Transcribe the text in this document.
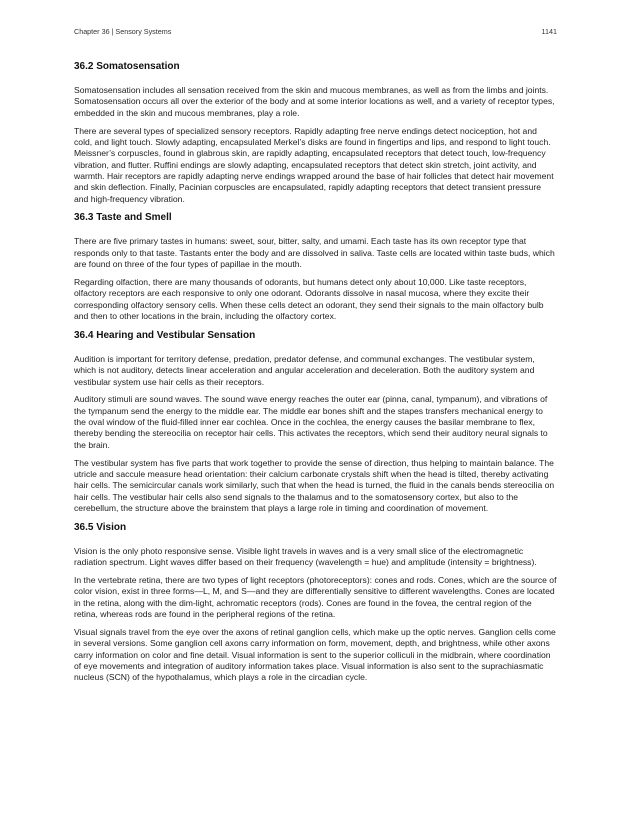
Chapter 36 | Sensory Systems	1141
36.2 Somatosensation

Somatosensation includes all sensation received from the skin and mucous membranes, as well as from the limbs and joints. Somatosensation occurs all over the exterior of the body and at some interior locations as well, and a variety of receptor types, embedded in the skin and mucous membranes, play a role.

There are several types of specialized sensory receptors. Rapidly adapting free nerve endings detect nociception, hot and cold, and light touch. Slowly adapting, encapsulated Merkel’s disks are found in fingertips and lips, and respond to light touch. Meissner’s corpuscles, found in glabrous skin, are rapidly adapting, encapsulated receptors that detect touch, low-frequency vibration, and flutter. Ruffini endings are slowly adapting, encapsulated receptors that detect skin stretch, joint activity, and warmth. Hair receptors are rapidly adapting nerve endings wrapped around the base of hair follicles that detect hair movement and skin deflection. Finally, Pacinian corpuscles are encapsulated, rapidly adapting receptors that detect transient pressure and high-frequency vibration.

36.3 Taste and Smell

There are five primary tastes in humans: sweet, sour, bitter, salty, and umami. Each taste has its own receptor type that responds only to that taste. Tastants enter the body and are dissolved in saliva. Taste cells are located within taste buds, which are found on three of the four types of papillae in the mouth.

Regarding olfaction, there are many thousands of odorants, but humans detect only about 10,000. Like taste receptors, olfactory receptors are each responsive to only one odorant. Odorants dissolve in nasal mucosa, where they excite their corresponding olfactory sensory cells. When these cells detect an odorant, they send their signals to the main olfactory bulb and then to other locations in the brain, including the olfactory cortex.

36.4 Hearing and Vestibular Sensation

Audition is important for territory defense, predation, predator defense, and communal exchanges. The vestibular system, which is not auditory, detects linear acceleration and angular acceleration and deceleration. Both the auditory system and vestibular system use hair cells as their receptors.

Auditory stimuli are sound waves. The sound wave energy reaches the outer ear (pinna, canal, tympanum), and vibrations of the tympanum send the energy to the middle ear. The middle ear bones shift and the stapes transfers mechanical energy to the oval window of the fluid-filled inner ear cochlea. Once in the cochlea, the energy causes the basilar membrane to flex, thereby bending the stereocilia on receptor hair cells. This activates the receptors, which send their auditory neural signals to the brain.

The vestibular system has five parts that work together to provide the sense of direction, thus helping to maintain balance. The utricle and saccule measure head orientation: their calcium carbonate crystals shift when the head is tilted, thereby activating hair cells. The semicircular canals work similarly, such that when the head is turned, the fluid in the canals bends stereocilia on hair cells. The vestibular hair cells also send signals to the thalamus and to the somatosensory cortex, but also to the cerebellum, the structure above the brainstem that plays a large role in timing and coordination of movement.

36.5 Vision

Vision is the only photo responsive sense. Visible light travels in waves and is a very small slice of the electromagnetic radiation spectrum. Light waves differ based on their frequency (wavelength = hue) and amplitude (intensity = brightness).

In the vertebrate retina, there are two types of light receptors (photoreceptors): cones and rods. Cones, which are the source of color vision, exist in three forms—L, M, and S—and they are differentially sensitive to different wavelengths. Cones are located in the retina, along with the dim-light, achromatic receptors (rods). Cones are found in the fovea, the central region of the retina, whereas rods are found in the peripheral regions of the retina.

Visual signals travel from the eye over the axons of retinal ganglion cells, which make up the optic nerves. Ganglion cells come in several versions. Some ganglion cell axons carry information on form, movement, depth, and brightness, while other axons carry information on color and fine detail. Visual information is sent to the superior colliculi in the midbrain, where coordination of eye movements and integration of auditory information takes place. Visual information is also sent to the suprachiasmatic nucleus (SCN) of the hypothalamus, which plays a role in the circadian cycle.
